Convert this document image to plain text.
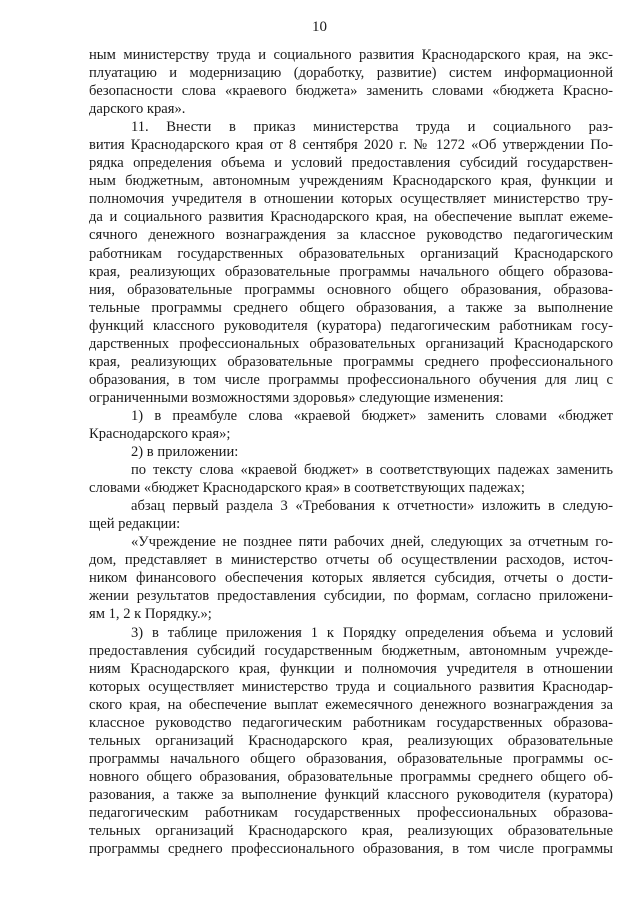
10
ным министерству труда и социального развития Краснодарского края, на экс-
плуатацию и модернизацию (доработку, развитие) систем информационной
безопасности слова «краевого бюджета» заменить словами «бюджета Красно-
дарского края».
11. Внести в приказ министерства труда и социального раз-
вития Краснодарского края от 8 сентября 2020 г. № 1272 «Об утверждении По-
рядка определения объема и условий предоставления субсидий государствен-
ным бюджетным, автономным учреждениям Краснодарского края, функции и
полномочия учредителя в отношении которых осуществляет министерство тру-
да и социального развития Краснодарского края, на обеспечение выплат ежеме-
сячного денежного вознаграждения за классное руководство педагогическим
работникам государственных образовательных организаций Краснодарского
края, реализующих образовательные программы начального общего образова-
ния, образовательные программы основного общего образования, образова-
тельные программы среднего общего образования, а также за выполнение
функций классного руководителя (куратора) педагогическим работникам госу-
дарственных профессиональных образовательных организаций Краснодарского
края, реализующих образовательные программы среднего профессионального
образования, в том числе программы профессионального обучения для лиц с
ограниченными возможностями здоровья» следующие изменения:
1) в преамбуле слова «краевой бюджет» заменить словами «бюджет
Краснодарского края»;
2) в приложении:
по тексту слова «краевой бюджет» в соответствующих падежах заменить
словами «бюджет Краснодарского края» в соответствующих падежах;
абзац первый раздела 3 «Требования к отчетности» изложить в следую-
щей редакции:
«Учреждение не позднее пяти рабочих дней, следующих за отчетным го-
дом, представляет в министерство отчеты об осуществлении расходов, источ-
ником финансового обеспечения которых является субсидия, отчеты о дости-
жении результатов предоставления субсидии, по формам, согласно приложени-
ям 1, 2 к Порядку.»;
3) в таблице приложения 1 к Порядку определения объема и условий
предоставления субсидий государственным бюджетным, автономным учрежде-
ниям Краснодарского края, функции и полномочия учредителя в отношении
которых осуществляет министерство труда и социального развития Краснодар-
ского края, на обеспечение выплат ежемесячного денежного вознаграждения за
классное руководство педагогическим работникам государственных образова-
тельных организаций Краснодарского края, реализующих образовательные
программы начального общего образования, образовательные программы ос-
новного общего образования, образовательные программы среднего общего об-
разования, а также за выполнение функций классного руководителя (куратора)
педагогическим работникам государственных профессиональных образова-
тельных организаций Краснодарского края, реализующих образовательные
программы среднего профессионального образования, в том числе программы
